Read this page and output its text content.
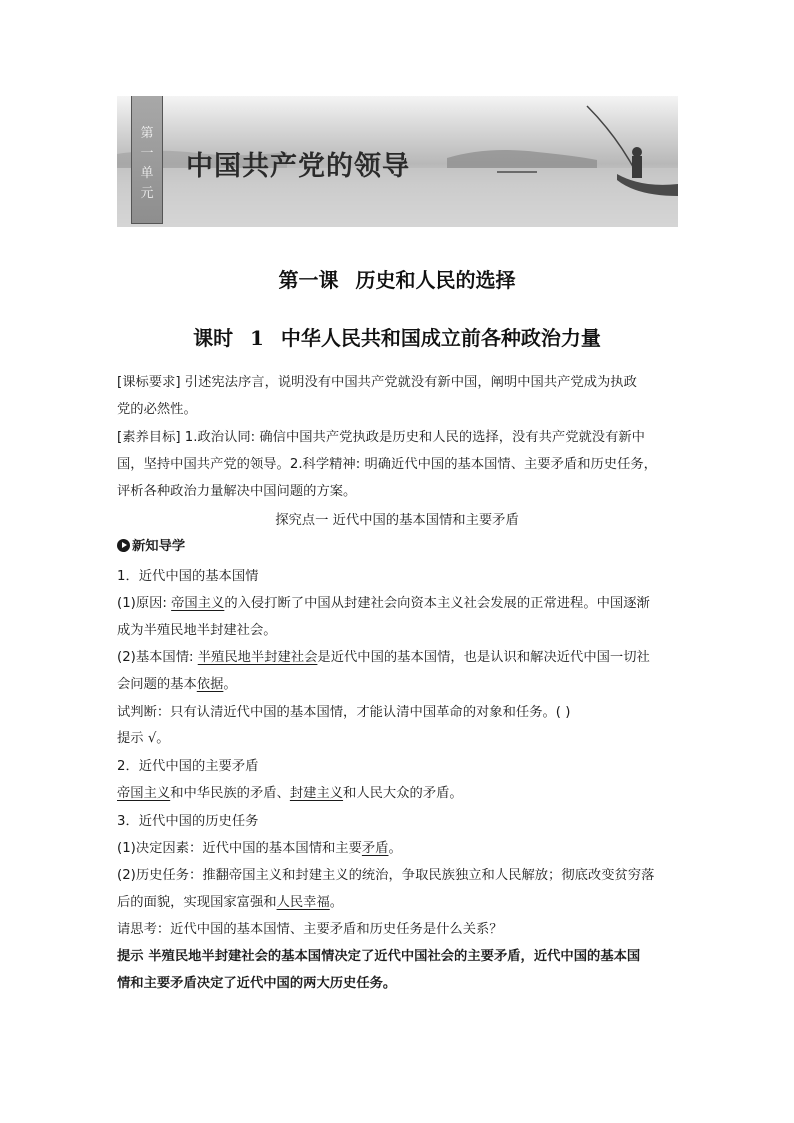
第
一
单
元
中国共产党的领导
第一课 历史和人民的选择
课时 1 中华人民共和国成立前各种政治力量
[课标要求] 引述宪法序言，说明没有中国共产党就没有新中国，阐明中国共产党成为执政
党的必然性。
[素养目标] 1.政治认同: 确信中国共产党执政是历史和人民的选择，没有共产党就没有新中
国，坚持中国共产党的领导。2.科学精神: 明确近代中国的基本国情、主要矛盾和历史任务，
评析各种政治力量解决中国问题的方案。
探究点一 近代中国的基本国情和主要矛盾
新知导学
1．近代中国的基本国情
(1)原因: 帝国主义的入侵打断了中国从封建社会向资本主义社会发展的正常进程。中国逐渐
成为半殖民地半封建社会。
(2)基本国情: 半殖民地半封建社会是近代中国的基本国情，也是认识和解决近代中国一切社
会问题的基本依据。
试判断：只有认清近代中国的基本国情，才能认清中国革命的对象和任务。( )
提示 √。
2．近代中国的主要矛盾
帝国主义和中华民族的矛盾、封建主义和人民大众的矛盾。
3．近代中国的历史任务
(1)决定因素：近代中国的基本国情和主要矛盾。
(2)历史任务：推翻帝国主义和封建主义的统治，争取民族独立和人民解放；彻底改变贫穷落
后的面貌，实现国家富强和人民幸福。
请思考：近代中国的基本国情、主要矛盾和历史任务是什么关系？
提示 半殖民地半封建社会的基本国情决定了近代中国社会的主要矛盾，近代中国的基本国
情和主要矛盾决定了近代中国的两大历史任务。
